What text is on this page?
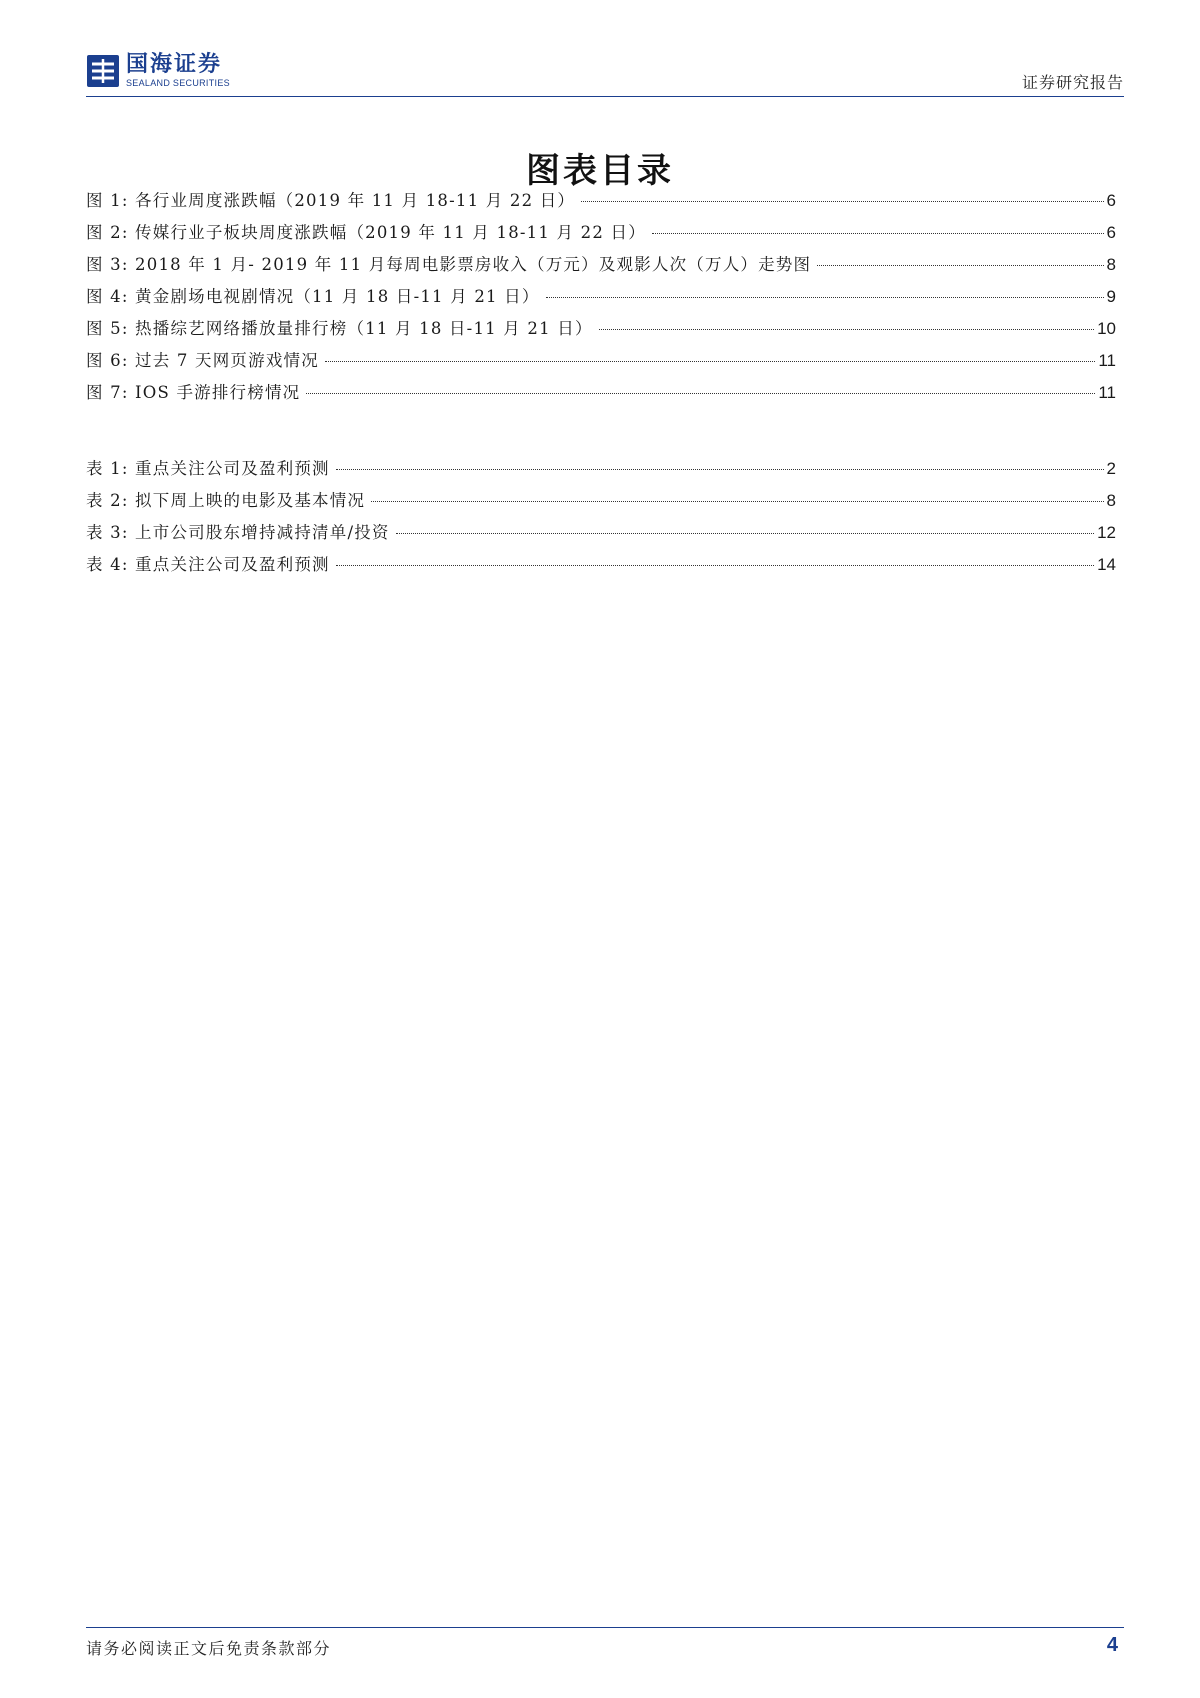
国海证券
SEALAND SECURITIES	证券研究报告
图表目录
图 1: 各行业周度涨跌幅（2019 年 11 月 18-11 月 22 日）	6
图 2: 传媒行业子板块周度涨跌幅（2019 年 11 月 18-11 月 22 日）	6
图 3: 2018 年 1 月- 2019 年 11 月每周电影票房收入（万元）及观影人次（万人）走势图	8
图 4: 黄金剧场电视剧情况（11 月 18 日-11 月 21 日）	9
图 5: 热播综艺网络播放量排行榜（11 月 18 日-11 月 21 日）	10
图 6: 过去 7 天网页游戏情况	11
图 7: IOS 手游排行榜情况	11
表 1: 重点关注公司及盈利预测	2
表 2: 拟下周上映的电影及基本情况	8
表 3: 上市公司股东增持减持清单/投资	12
表 4: 重点关注公司及盈利预测	14
请务必阅读正文后免责条款部分	4
